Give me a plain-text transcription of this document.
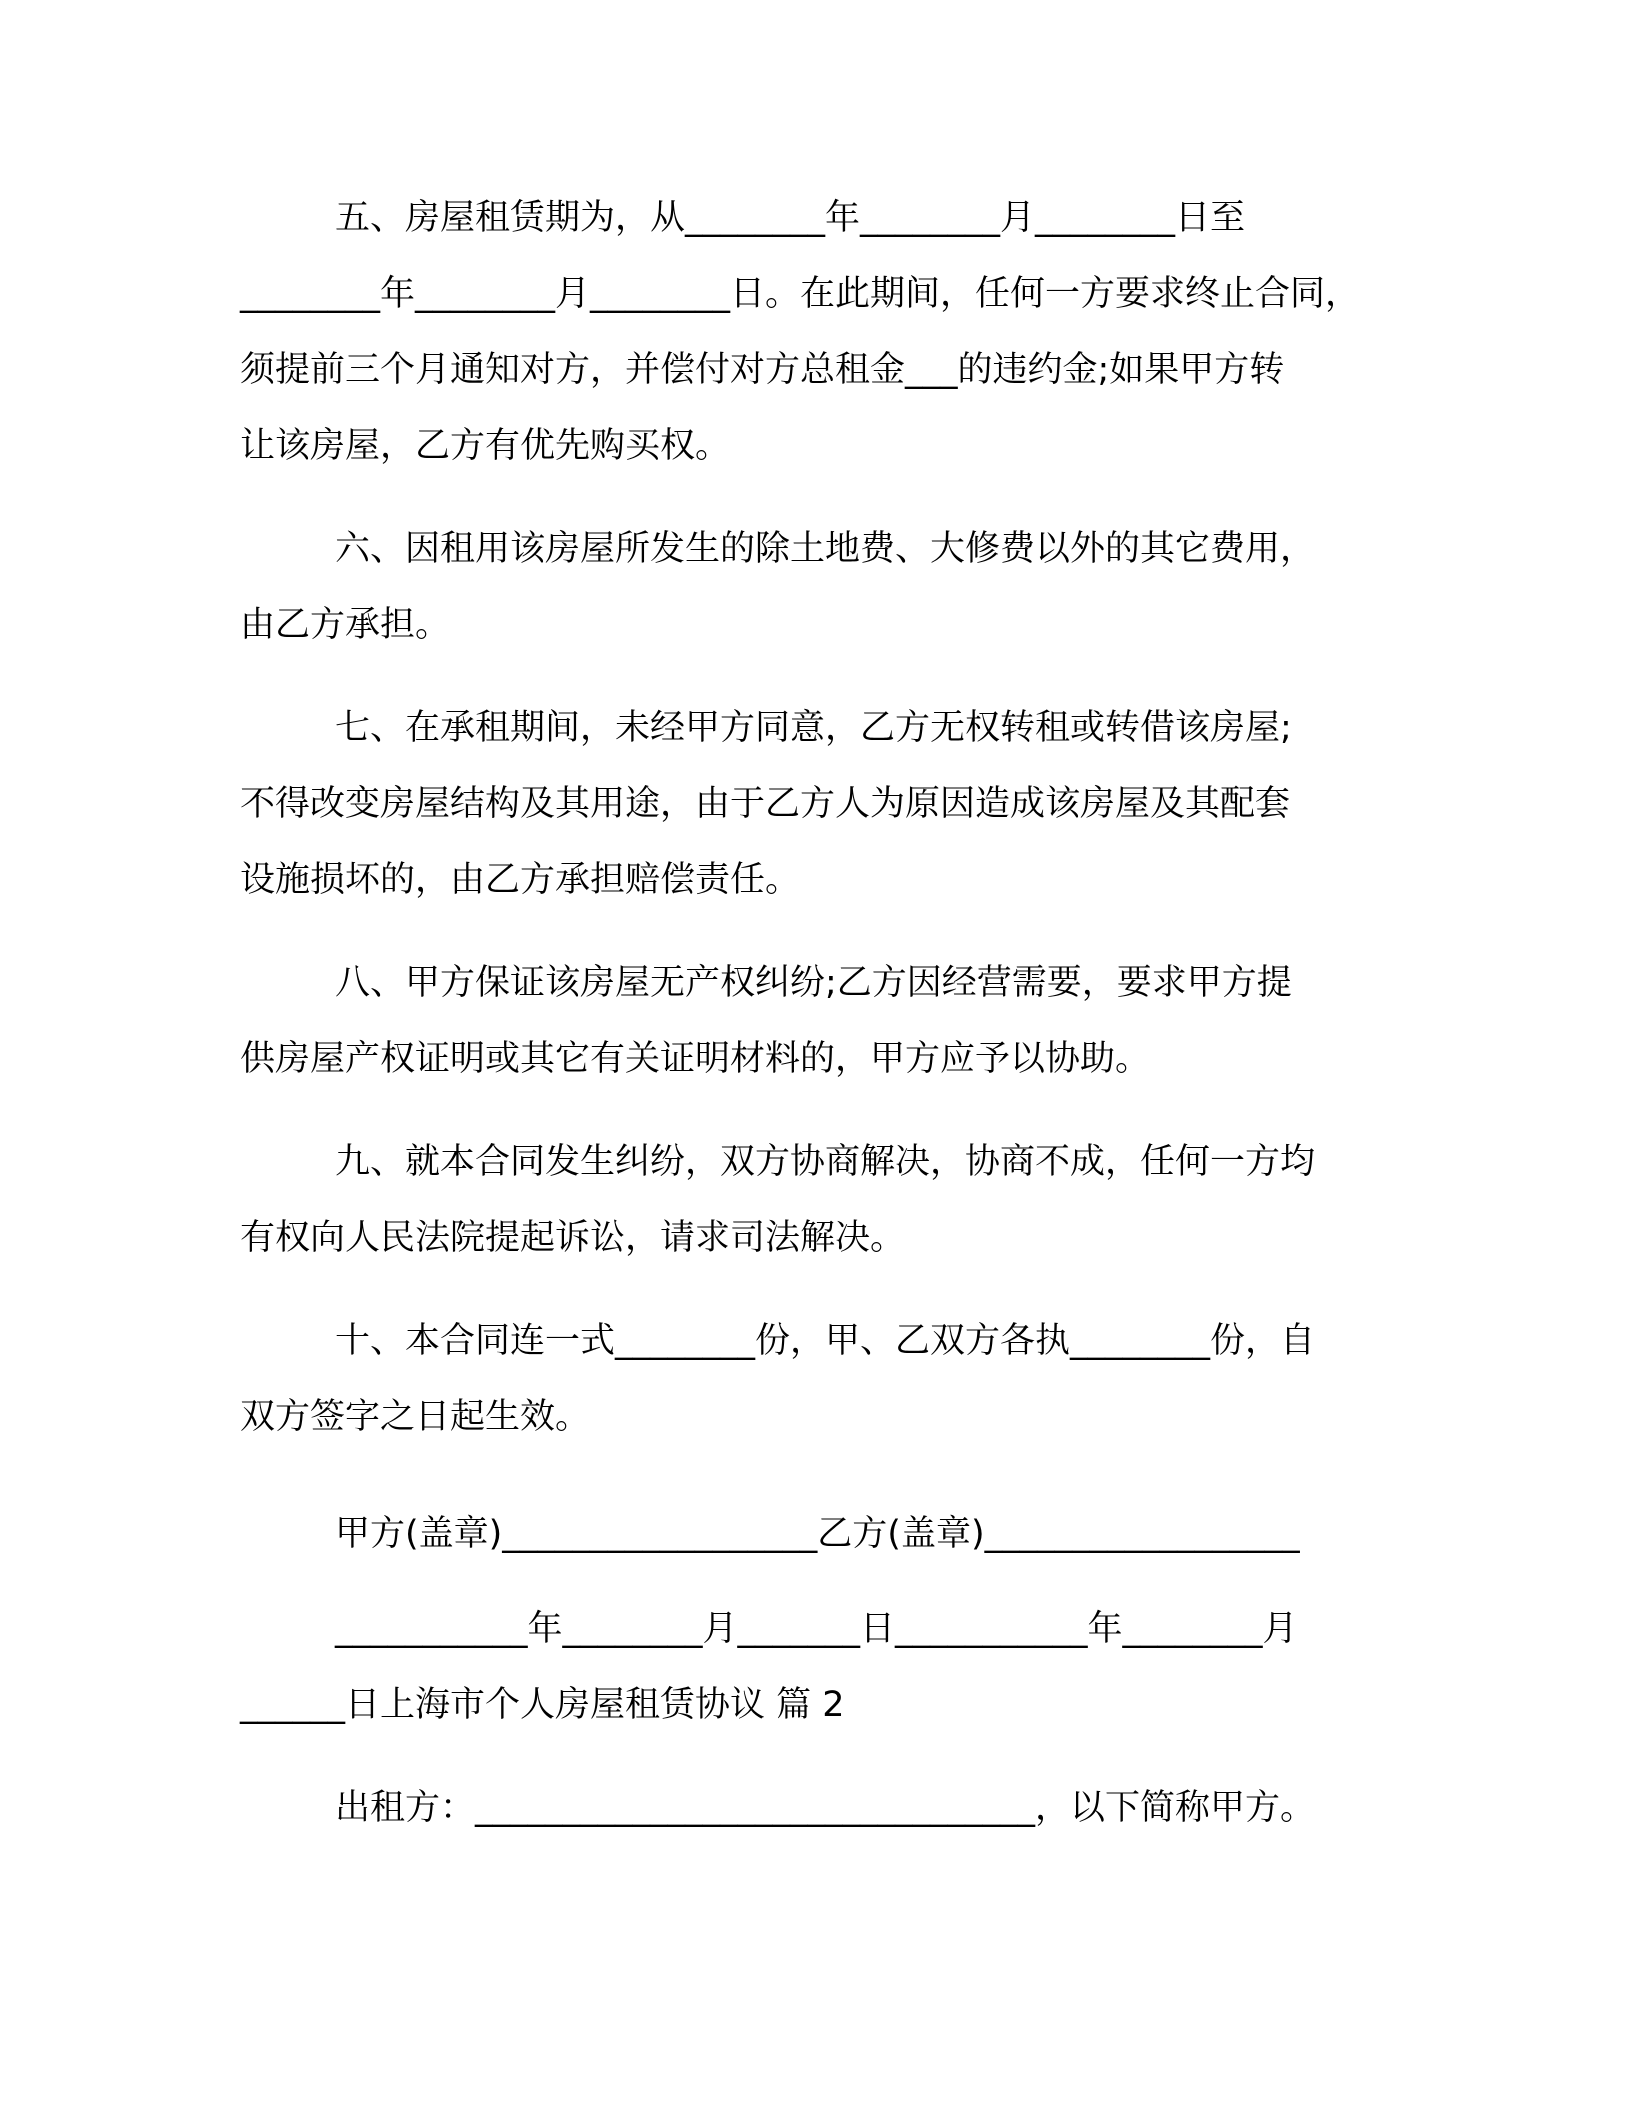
五、房屋租赁期为，从________年________月________日至
________年________月________日。在此期间，任何一方要求终止合同，
须提前三个月通知对方，并偿付对方总租金___的违约金;如果甲方转
让该房屋，乙方有优先购买权。
六、因租用该房屋所发生的除土地费、大修费以外的其它费用，
由乙方承担。
七、在承租期间，未经甲方同意，乙方无权转租或转借该房屋;
不得改变房屋结构及其用途，由于乙方人为原因造成该房屋及其配套
设施损坏的，由乙方承担赔偿责任。
八、甲方保证该房屋无产权纠纷;乙方因经营需要，要求甲方提
供房屋产权证明或其它有关证明材料的，甲方应予以协助。
九、就本合同发生纠纷，双方协商解决，协商不成，任何一方均
有权向人民法院提起诉讼，请求司法解决。
十、本合同连一式________份，甲、乙双方各执________份，自
双方签字之日起生效。
甲方(盖章)__________________乙方(盖章)__________________
___________年________月_______日___________年________月
______日上海市个人房屋租赁协议 篇 2
出租方：________________________________，以下简称甲方。
